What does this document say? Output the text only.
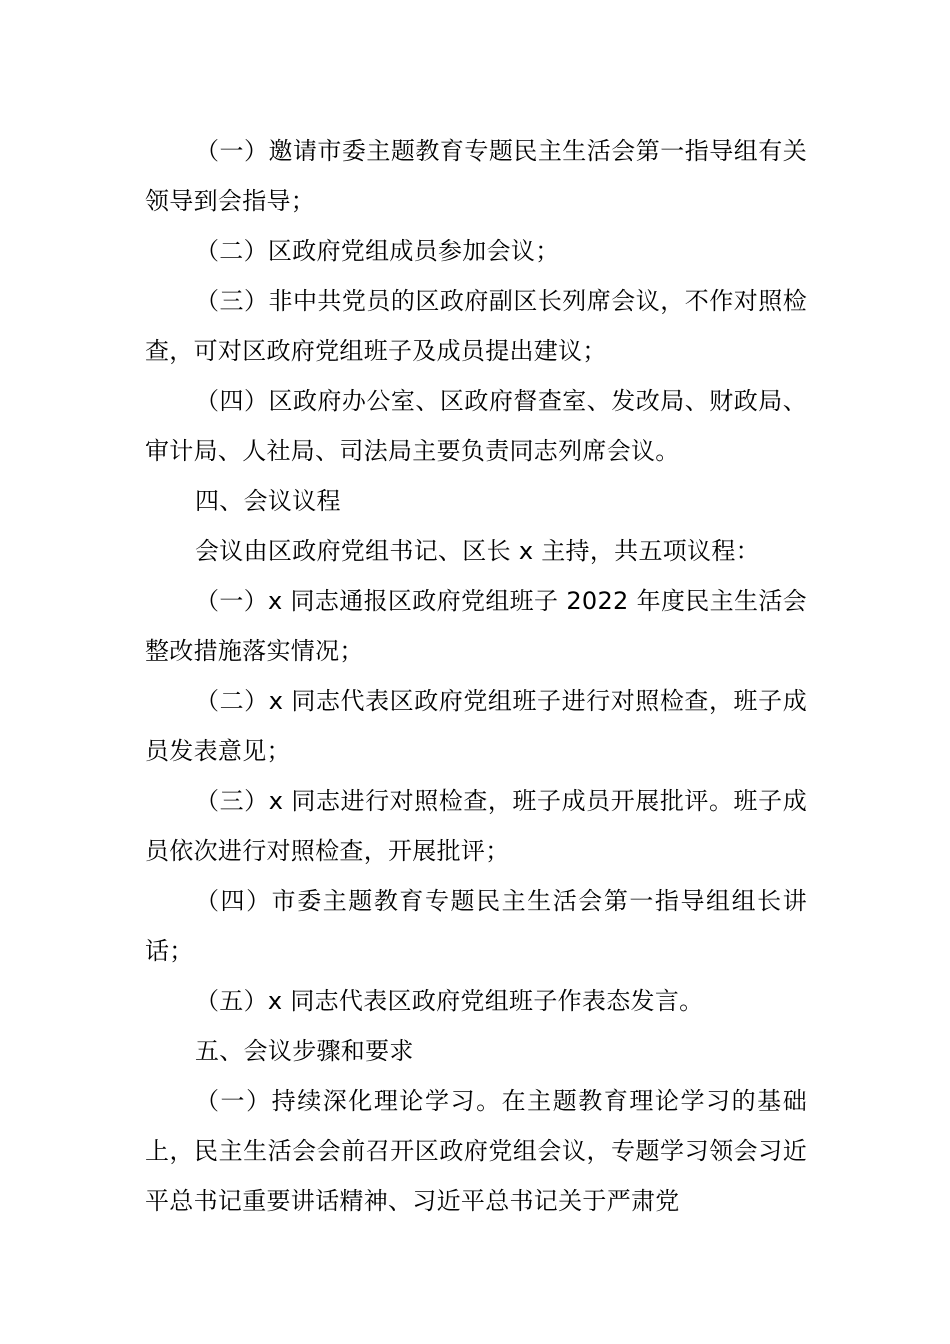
（一）邀请市委主题教育专题民主生活会第一指导组有关领导到会指导；

（二）区政府党组成员参加会议；

（三）非中共党员的区政府副区长列席会议，不作对照检查，可对区政府党组班子及成员提出建议；

（四）区政府办公室、区政府督查室、发改局、财政局、审计局、人社局、司法局主要负责同志列席会议。

四、会议议程

会议由区政府党组书记、区长 x 主持，共五项议程：

（一）x 同志通报区政府党组班子 2022 年度民主生活会整改措施落实情况；

（二）x 同志代表区政府党组班子进行对照检查，班子成员发表意见；

（三）x 同志进行对照检查，班子成员开展批评。班子成员依次进行对照检查，开展批评；

（四）市委主题教育专题民主生活会第一指导组组长讲话；

（五）x 同志代表区政府党组班子作表态发言。

五、会议步骤和要求

（一）持续深化理论学习。在主题教育理论学习的基础上，民主生活会会前召开区政府党组会议，专题学习领会习近平总书记重要讲话精神、习近平总书记关于严肃党
